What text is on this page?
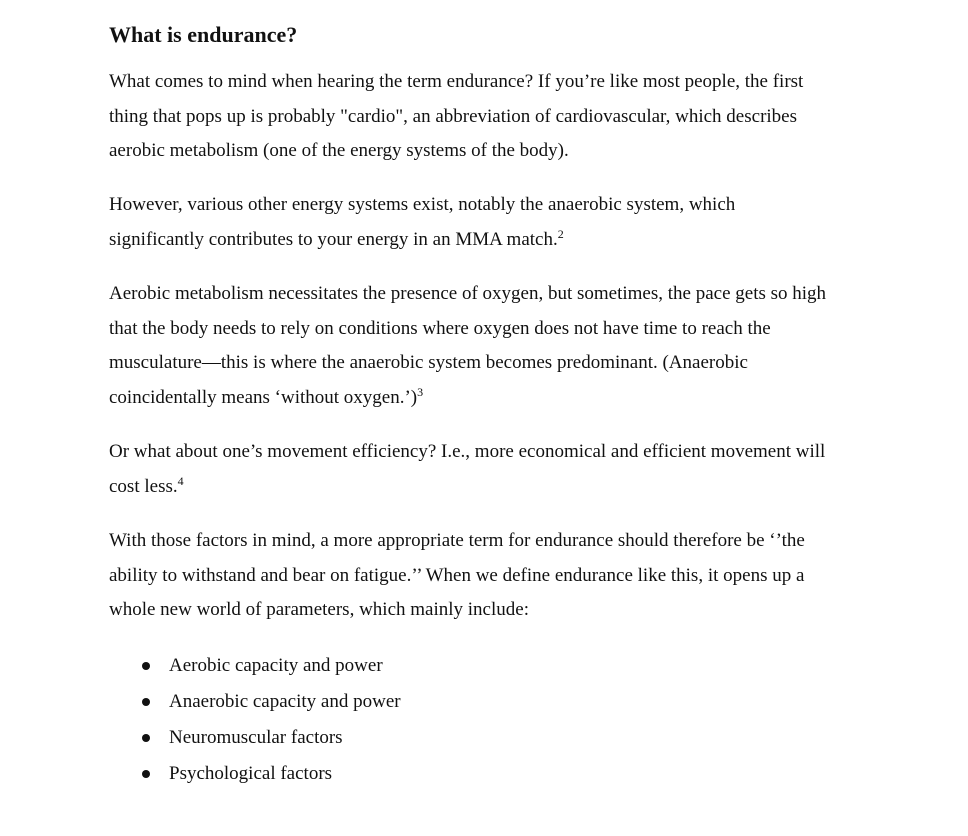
What is endurance?

What comes to mind when hearing the term endurance? If you’re like most people, the first
thing that pops up is probably "cardio", an abbreviation of cardiovascular, which describes
aerobic metabolism (one of the energy systems of the body).

However, various other energy systems exist, notably the anaerobic system, which
significantly contributes to your energy in an MMA match.$^2$

Aerobic metabolism necessitates the presence of oxygen, but sometimes, the pace gets so high
that the body needs to rely on conditions where oxygen does not have time to reach the
musculature—this is where the anaerobic system becomes predominant. (Anaerobic
coincidentally means ‘without oxygen.’)$^3$

Or what about one’s movement efficiency? I.e., more economical and efficient movement will
cost less.$^4$

With those factors in mind, a more appropriate term for endurance should therefore be ‘’the
ability to withstand and bear on fatigue.’’ When we define endurance like this, it opens up a
whole new world of parameters, which mainly include:

Aerobic capacity and power
Anaerobic capacity and power
Neuromuscular factors
Psychological factors
